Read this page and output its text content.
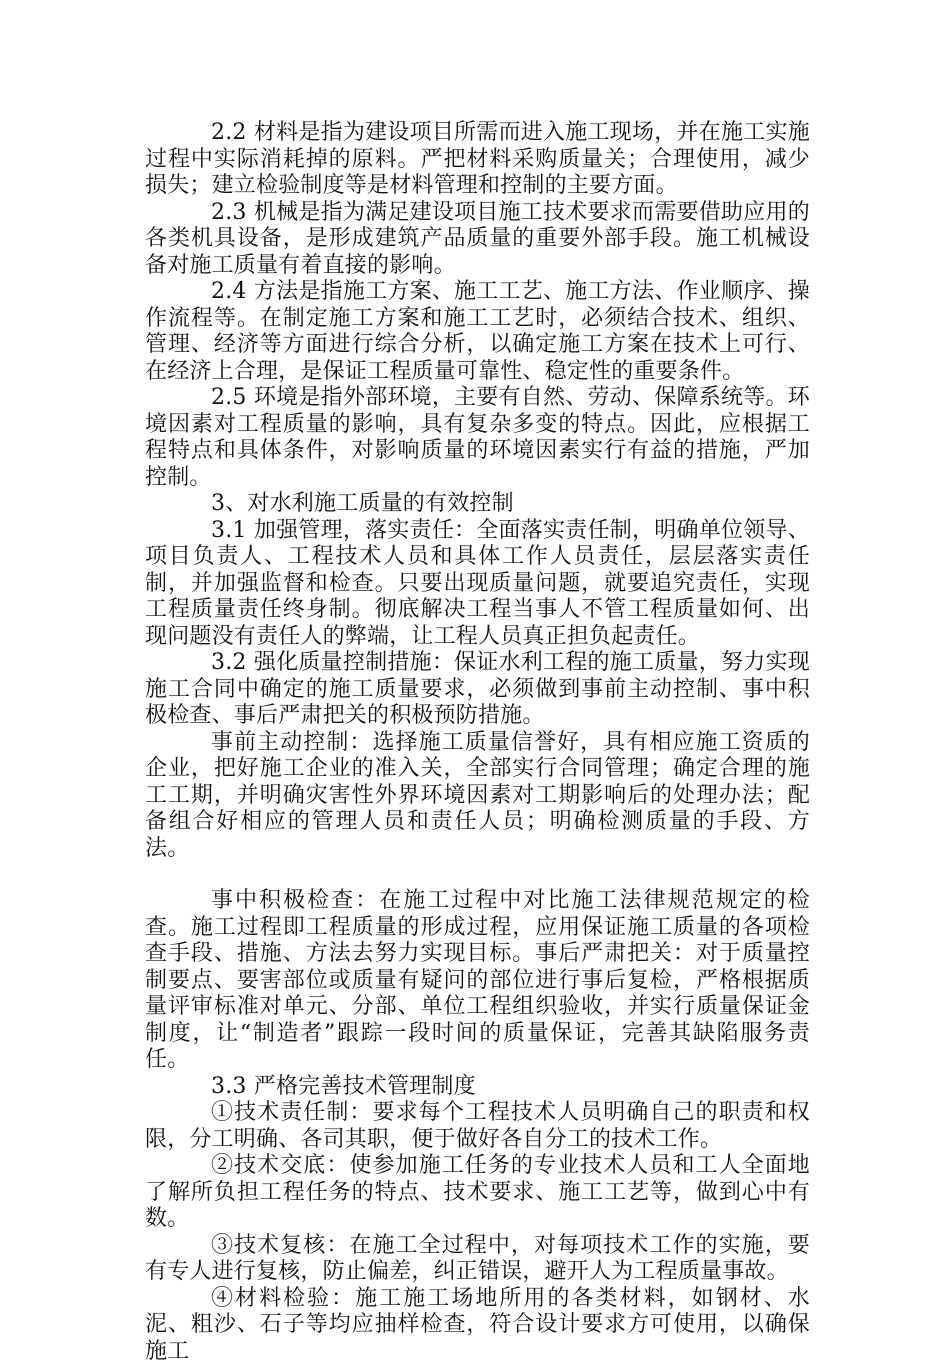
2.2 材料是指为建设项目所需而进入施工现场，并在施工实施过程中实际消耗掉的原料。严把材料采购质量关；合理使用，减少损失；建立检验制度等是材料管理和控制的主要方面。

2.3 机械是指为满足建设项目施工技术要求而需要借助应用的各类机具设备，是形成建筑产品质量的重要外部手段。施工机械设备对施工质量有着直接的影响。

2.4 方法是指施工方案、施工工艺、施工方法、作业顺序、操作流程等。在制定施工方案和施工工艺时，必须结合技术、组织、管理、经济等方面进行综合分析，以确定施工方案在技术上可行、在经济上合理，是保证工程质量可靠性、稳定性的重要条件。

2.5 环境是指外部环境，主要有自然、劳动、保障系统等。环境因素对工程质量的影响，具有复杂多变的特点。因此，应根据工程特点和具体条件，对影响质量的环境因素实行有益的措施，严加控制。

3、对水利施工质量的有效控制

3.1 加强管理，落实责任：全面落实责任制，明确单位领导、项目负责人、工程技术人员和具体工作人员责任，层层落实责任制，并加强监督和检查。只要出现质量问题，就要追究责任，实现工程质量责任终身制。彻底解决工程当事人不管工程质量如何、出现问题没有责任人的弊端，让工程人员真正担负起责任。

3.2 强化质量控制措施：保证水利工程的施工质量，努力实现施工合同中确定的施工质量要求，必须做到事前主动控制、事中积极检查、事后严肃把关的积极预防措施。

事前主动控制：选择施工质量信誉好，具有相应施工资质的企业，把好施工企业的准入关，全部实行合同管理；确定合理的施工工期，并明确灾害性外界环境因素对工期影响后的处理办法；配备组合好相应的管理人员和责任人员；明确检测质量的手段、方法。

事中积极检查：在施工过程中对比施工法律规范规定的检查。施工过程即工程质量的形成过程，应用保证施工质量的各项检查手段、措施、方法去努力实现目标。事后严肃把关：对于质量控制要点、要害部位或质量有疑问的部位进行事后复检，严格根据质量评审标准对单元、分部、单位工程组织验收，并实行质量保证金制度，让“制造者”跟踪一段时间的质量保证，完善其缺陷服务责任。

3.3 严格完善技术管理制度

①技术责任制：要求每个工程技术人员明确自己的职责和权限，分工明确、各司其职，便于做好各自分工的技术工作。

②技术交底：使参加施工任务的专业技术人员和工人全面地了解所负担工程任务的特点、技术要求、施工工艺等，做到心中有数。

③技术复核：在施工全过程中，对每项技术工作的实施，要有专人进行复核，防止偏差，纠正错误，避开人为工程质量事故。

④材料检验：施工施工场地所用的各类材料，如钢材、水泥、粗沙、石子等均应抽样检查，符合设计要求方可使用，以确保施工
